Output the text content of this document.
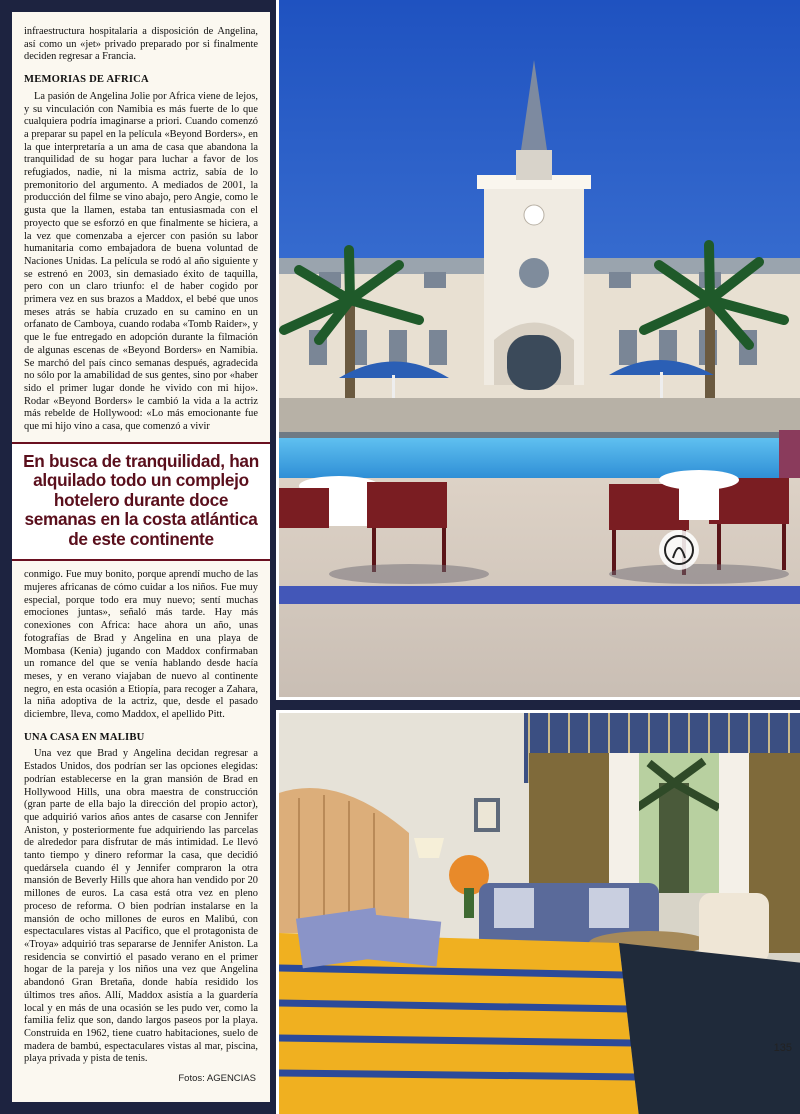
infraestructura hospitalaria a disposición de Angelina, así como un «jet» privado preparado por si finalmente deciden regresar a Francia.

MEMORIAS DE AFRICA

La pasión de Angelina Jolie por Africa viene de lejos, y su vinculación con Namibia es más fuerte de lo que cualquiera podría imaginarse a priori. Cuando comenzó a preparar su papel en la película «Beyond Borders», en la que interpretaría a un ama de casa que abandona la tranquilidad de su hogar para luchar a favor de los refugiados, nadie, ni la misma actriz, sabía de lo premonitorio del argumento. A mediados de 2001, la producción del filme se vino abajo, pero Angie, como le gusta que la llamen, estaba tan entusiasmada con el proyecto que se esforzó en que finalmente se hiciera, a la vez que comenzaba a ejercer con pasión su labor humanitaria como embajadora de buena voluntad de Naciones Unidas. La película se rodó al año siguiente y se estrenó en 2003, sin demasiado éxito de taquilla, pero con un claro triunfo: el de haber cogido por primera vez en sus brazos a Maddox, el bebé que unos meses atrás se había cruzado en su camino en un orfanato de Camboya, cuando rodaba «Tomb Raider», y que le fue entregado en adopción durante la filmación de algunas escenas de «Beyond Borders» en Namibia. Se marchó del país cinco semanas después, agradecida no sólo por la amabilidad de sus gentes, sino por «haber sido el primer lugar donde he vivido con mi hijo». Rodar «Beyond Borders» le cambió la vida a la actriz más rebelde de Hollywood: «Lo más emocionante fue que mi hijo vino a casa, que comenzó a vivir

En busca de tranquilidad, han alquilado todo un complejo hotelero durante doce semanas en la costa atlántica de este continente

conmigo. Fue muy bonito, porque aprendí mucho de las mujeres africanas de cómo cuidar a los niños. Fue muy especial, porque todo era muy nuevo; sentí muchas emociones juntas», señaló más tarde. Hay más conexiones con Africa: hace ahora un año, unas fotografías de Brad y Angelina en una playa de Mombasa (Kenia) jugando con Maddox confirmaban un romance del que se venía hablando desde hacía meses, y en verano viajaban de nuevo al continente negro, en esta ocasión a Etiopía, para recoger a Zahara, la niña adoptiva de la actriz, que, desde el pasado diciembre, lleva, como Maddox, el apellido Pitt.

UNA CASA EN MALIBU

Una vez que Brad y Angelina decidan regresar a Estados Unidos, dos podrían ser las opciones elegidas: podrían establecerse en la gran mansión de Brad en Hollywood Hills, una obra maestra de construcción (gran parte de ella bajo la dirección del propio actor), que adquirió varios años antes de casarse con Jennifer Aniston, y posteriormente fue adquiriendo las parcelas de alrededor para disfrutar de más intimidad. Le llevó tanto tiempo y dinero reformar la casa, que decidió quedársela cuando él y Jennifer compraron la otra mansión de Beverly Hills que ahora han vendido por 20 millones de euros. La casa está otra vez en pleno proceso de reforma. O bien podrían instalarse en la mansión de ocho millones de euros en Malibú, con espectaculares vistas al Pacífico, que el protagonista de «Troya» adquirió tras separarse de Jennifer Aniston. La residencia se convirtió el pasado verano en el primer hogar de la pareja y los niños una vez que Angelina abandonó Gran Bretaña, donde había residido los últimos tres años. Allí, Maddox asistía a la guardería local y en más de una ocasión se les pudo ver, como la familia feliz que son, dando largos paseos por la playa. Construida en 1962, tiene cuatro habitaciones, suelo de madera de bambú, espectaculares vistas al mar, piscina, playa privada y pista de tenis.

Fotos: AGENCIAS
135
